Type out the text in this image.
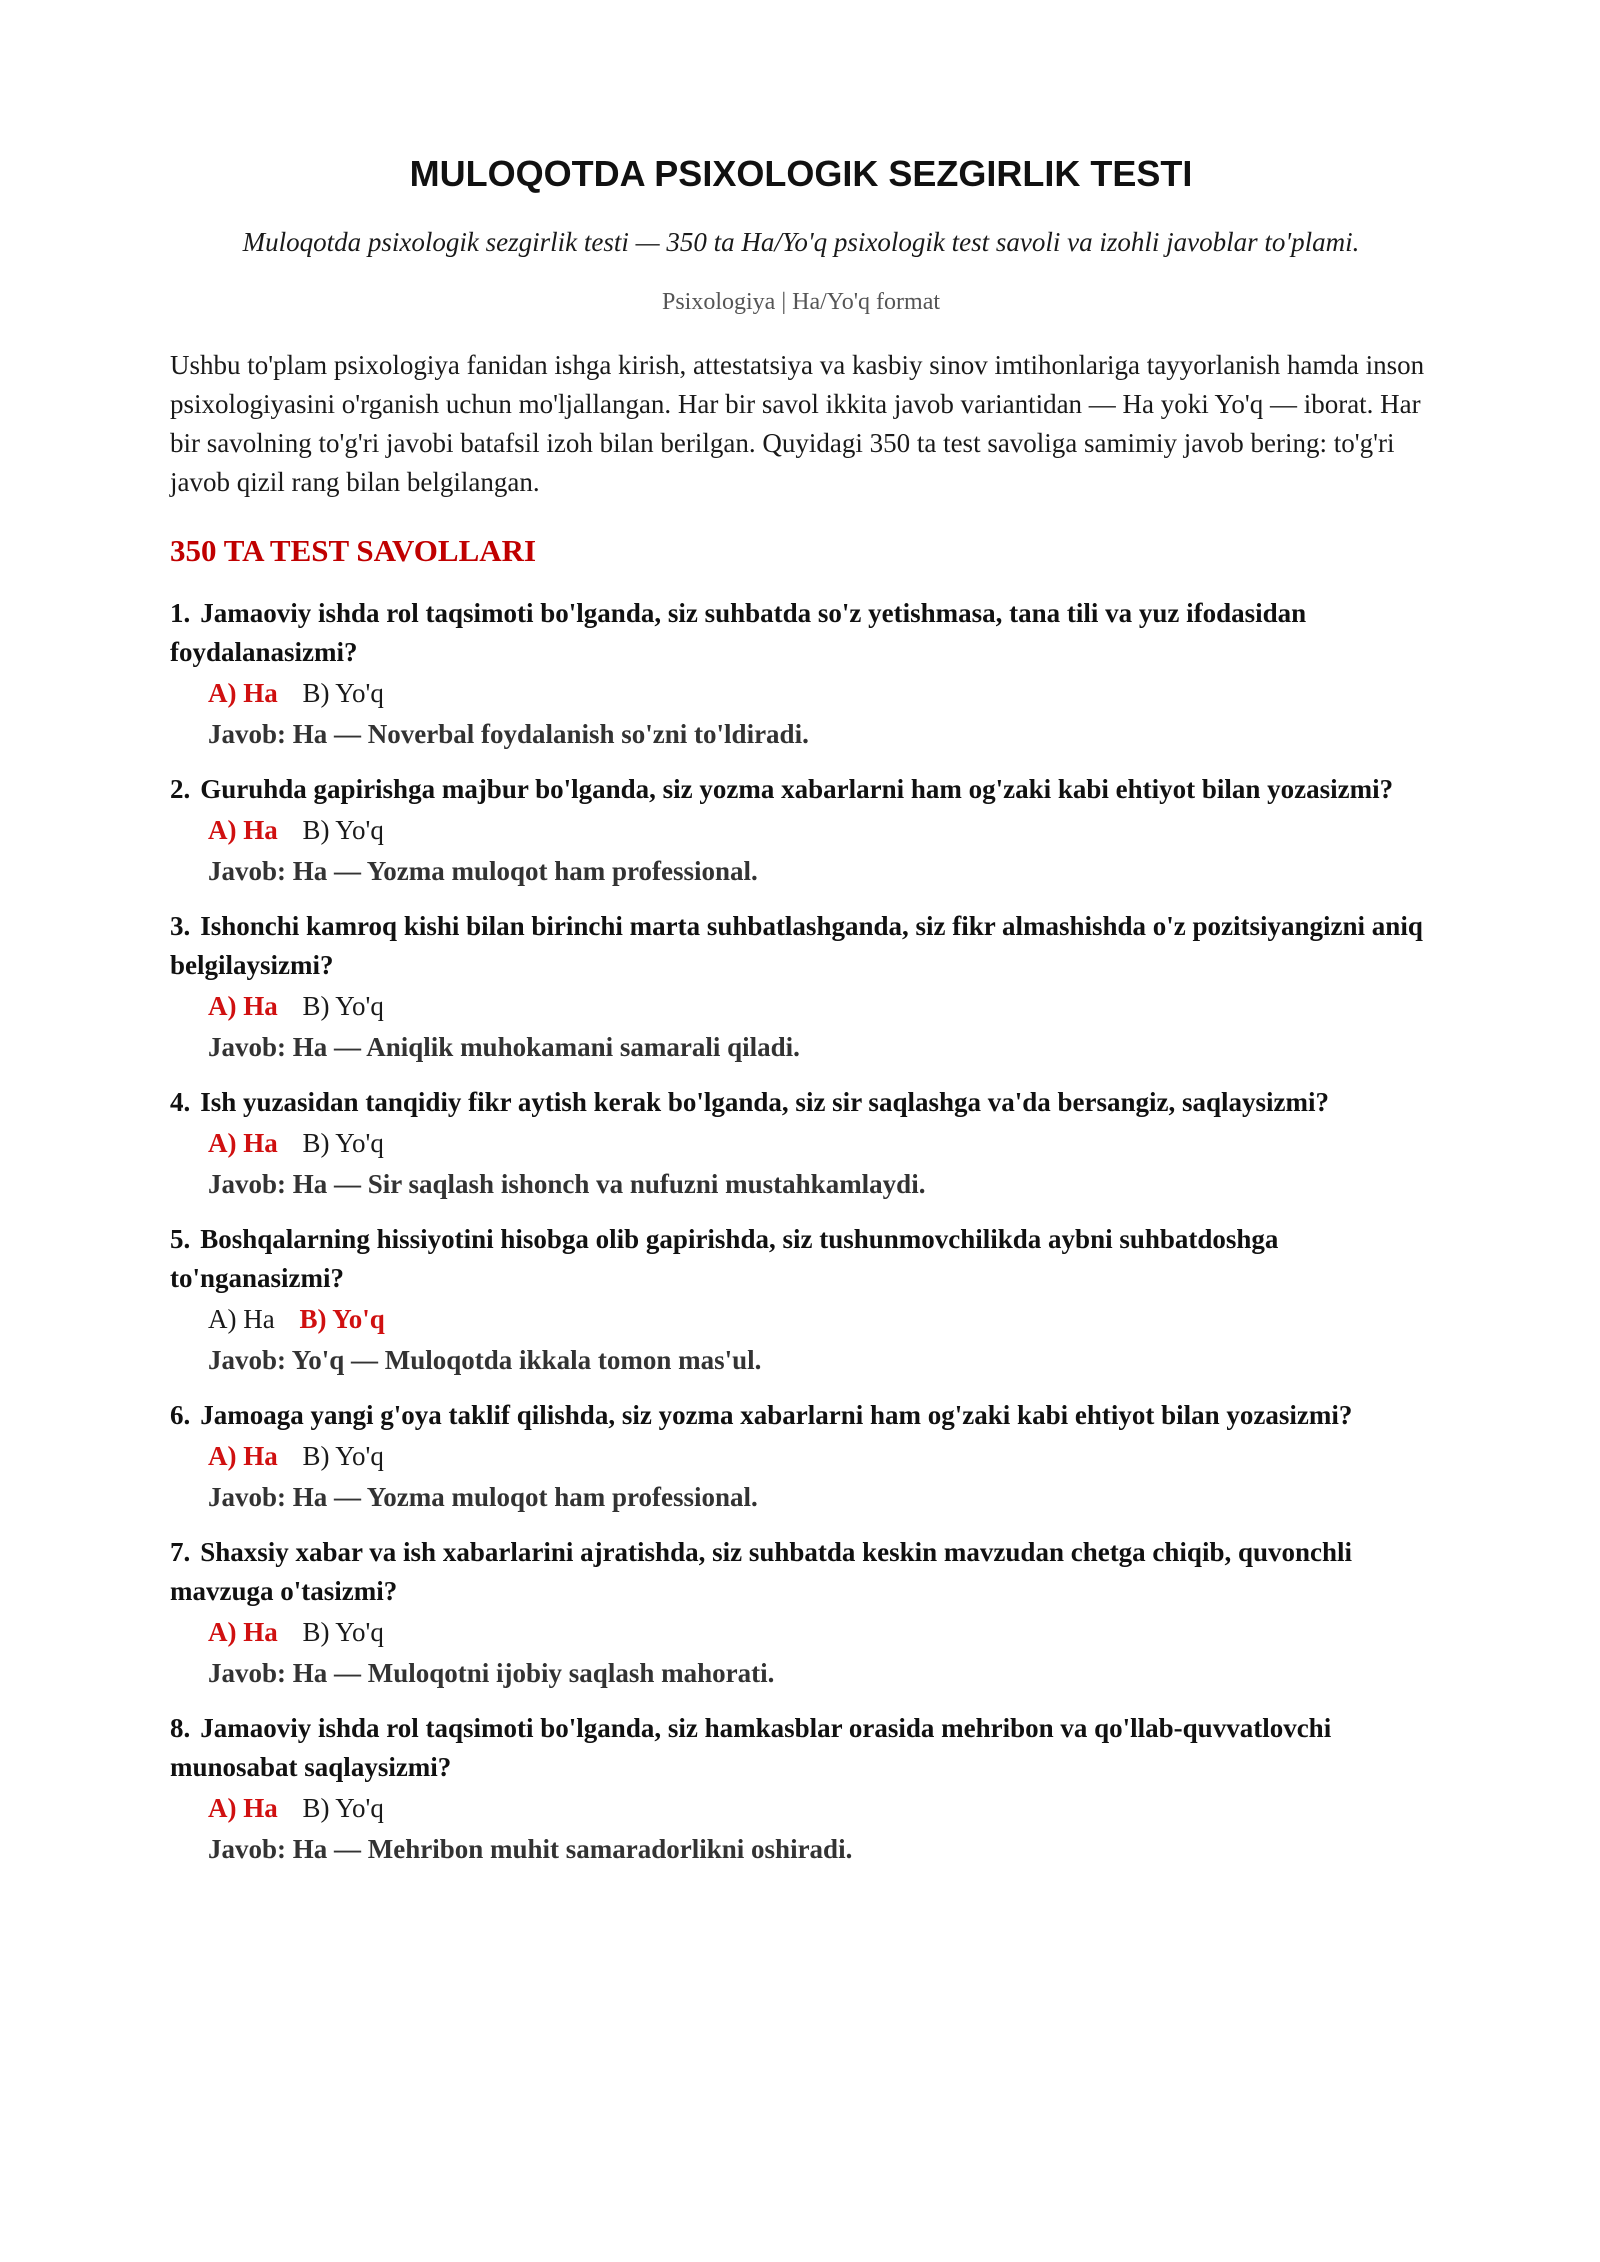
MULOQOTDA PSIXOLOGIK SEZGIRLIK TESTI

Muloqotda psixologik sezgirlik testi — 350 ta Ha/Yo'q psixologik test savoli va izohli javoblar to'plami.

Psixologiya | Ha/Yo'q format

Ushbu to'plam psixologiya fanidan ishga kirish, attestatsiya va kasbiy sinov imtihonlariga tayyorlanish hamda inson psixologiyasini o'rganish uchun mo'ljallangan. Har bir savol ikkita javob variantidan — Ha yoki Yo'q — iborat. Har bir savolning to'g'ri javobi batafsil izoh bilan berilgan. Quyidagi 350 ta test savoliga samimiy javob bering: to'g'ri javob qizil rang bilan belgilangan.

350 TA TEST SAVOLLARI

1. Jamaoviy ishda rol taqsimoti bo'lganda, siz suhbatda so'z yetishmasa, tana tili va yuz ifodasidan foydalanasizmi?

A) Ha B) Yo'q
Javob: Ha — Noverbal foydalanish so'zni to'ldiradi.

2. Guruhda gapirishga majbur bo'lganda, siz yozma xabarlarni ham og'zaki kabi ehtiyot bilan yozasizmi?

A) Ha B) Yo'q
Javob: Ha — Yozma muloqot ham professional.

3. Ishonchi kamroq kishi bilan birinchi marta suhbatlashganda, siz fikr almashishda o'z pozitsiyangizni aniq belgilaysizmi?

A) Ha B) Yo'q
Javob: Ha — Aniqlik muhokamani samarali qiladi.

4. Ish yuzasidan tanqidiy fikr aytish kerak bo'lganda, siz sir saqlashga va'da bersangiz, saqlaysizmi?

A) Ha B) Yo'q
Javob: Ha — Sir saqlash ishonch va nufuzni mustahkamlaydi.

5. Boshqalarning hissiyotini hisobga olib gapirishda, siz tushunmovchilikda aybni suhbatdoshga to'nganasizmi?

A) Ha B) Yo'q
Javob: Yo'q — Muloqotda ikkala tomon mas'ul.

6. Jamoaga yangi g'oya taklif qilishda, siz yozma xabarlarni ham og'zaki kabi ehtiyot bilan yozasizmi?

A) Ha B) Yo'q
Javob: Ha — Yozma muloqot ham professional.

7. Shaxsiy xabar va ish xabarlarini ajratishda, siz suhbatda keskin mavzudan chetga chiqib, quvonchli mavzuga o'tasizmi?

A) Ha B) Yo'q
Javob: Ha — Muloqotni ijobiy saqlash mahorati.

8. Jamaoviy ishda rol taqsimoti bo'lganda, siz hamkasblar orasida mehribon va qo'llab-quvvatlovchi munosabat saqlaysizmi?

A) Ha B) Yo'q
Javob: Ha — Mehribon muhit samaradorlikni oshiradi.
